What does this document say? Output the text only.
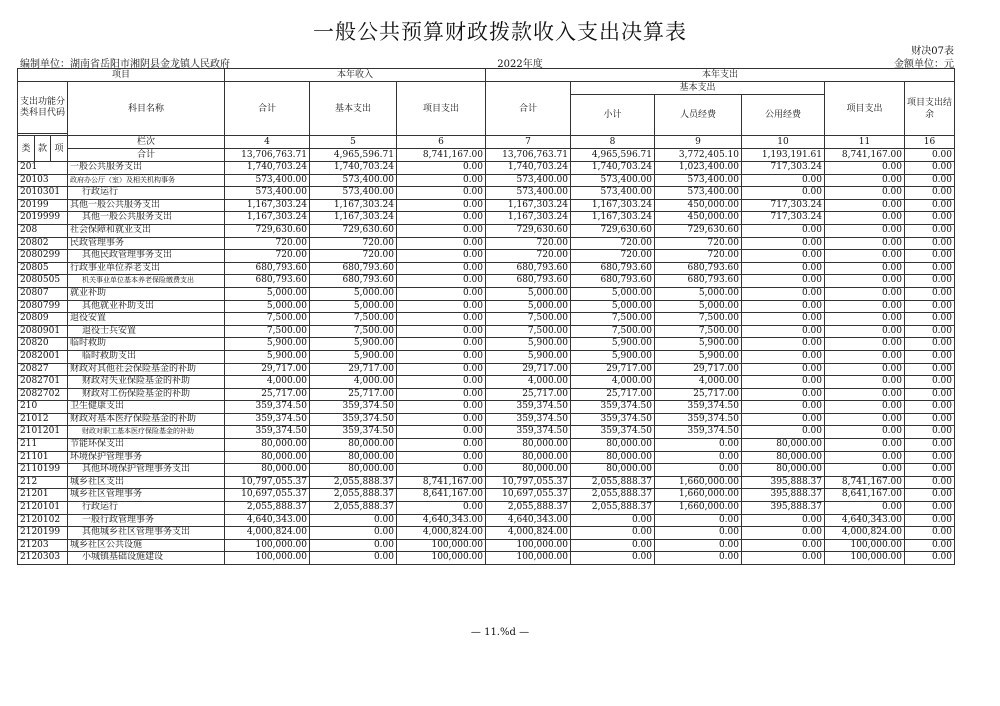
一般公共预算财政拨款收入支出决算表
财决07表
编制单位：湖南省岳阳市湘阴县金龙镇人民政府	2022年度	金额单位：元
项目				本年收入			本年支出					
支出功能分类科目代码			科目名称	合计	基本支出	项目支出	合计	基本支出			项目支出	项目支出结余
								小计	人员经费	公用经费		

类	款	项	栏次	4	5	6	7	8	9	10	11	16
			合计	13,706,763.71	4,965,596.71	8,741,167.00	13,706,763.71	4,965,596.71	3,772,405.10	1,193,191.61	8,741,167.00	0.00
201			一般公共服务支出	1,740,703.24	1,740,703.24	0.00	1,740,703.24	1,740,703.24	1,023,400.00	717,303.24	0.00	0.00
20103			政府办公厅（室）及相关机构事务	573,400.00	573,400.00	0.00	573,400.00	573,400.00	573,400.00	0.00	0.00	0.00
2010301			行政运行	573,400.00	573,400.00	0.00	573,400.00	573,400.00	573,400.00	0.00	0.00	0.00
20199			其他一般公共服务支出	1,167,303.24	1,167,303.24	0.00	1,167,303.24	1,167,303.24	450,000.00	717,303.24	0.00	0.00
2019999			其他一般公共服务支出	1,167,303.24	1,167,303.24	0.00	1,167,303.24	1,167,303.24	450,000.00	717,303.24	0.00	0.00
208			社会保障和就业支出	729,630.60	729,630.60	0.00	729,630.60	729,630.60	729,630.60	0.00	0.00	0.00
20802			民政管理事务	720.00	720.00	0.00	720.00	720.00	720.00	0.00	0.00	0.00
2080299			其他民政管理事务支出	720.00	720.00	0.00	720.00	720.00	720.00	0.00	0.00	0.00
20805			行政事业单位养老支出	680,793.60	680,793.60	0.00	680,793.60	680,793.60	680,793.60	0.00	0.00	0.00
2080505			机关事业单位基本养老保险缴费支出	680,793.60	680,793.60	0.00	680,793.60	680,793.60	680,793.60	0.00	0.00	0.00
20807			就业补助	5,000.00	5,000.00	0.00	5,000.00	5,000.00	5,000.00	0.00	0.00	0.00
2080799			其他就业补助支出	5,000.00	5,000.00	0.00	5,000.00	5,000.00	5,000.00	0.00	0.00	0.00
20809			退役安置	7,500.00	7,500.00	0.00	7,500.00	7,500.00	7,500.00	0.00	0.00	0.00
2080901			退役士兵安置	7,500.00	7,500.00	0.00	7,500.00	7,500.00	7,500.00	0.00	0.00	0.00
20820			临时救助	5,900.00	5,900.00	0.00	5,900.00	5,900.00	5,900.00	0.00	0.00	0.00
2082001			临时救助支出	5,900.00	5,900.00	0.00	5,900.00	5,900.00	5,900.00	0.00	0.00	0.00
20827			财政对其他社会保险基金的补助	29,717.00	29,717.00	0.00	29,717.00	29,717.00	29,717.00	0.00	0.00	0.00
2082701			财政对失业保险基金的补助	4,000.00	4,000.00	0.00	4,000.00	4,000.00	4,000.00	0.00	0.00	0.00
2082702			财政对工伤保险基金的补助	25,717.00	25,717.00	0.00	25,717.00	25,717.00	25,717.00	0.00	0.00	0.00
210			卫生健康支出	359,374.50	359,374.50	0.00	359,374.50	359,374.50	359,374.50	0.00	0.00	0.00
21012			财政对基本医疗保险基金的补助	359,374.50	359,374.50	0.00	359,374.50	359,374.50	359,374.50	0.00	0.00	0.00
2101201			财政对职工基本医疗保险基金的补助	359,374.50	359,374.50	0.00	359,374.50	359,374.50	359,374.50	0.00	0.00	0.00
211			节能环保支出	80,000.00	80,000.00	0.00	80,000.00	80,000.00	0.00	80,000.00	0.00	0.00
21101			环境保护管理事务	80,000.00	80,000.00	0.00	80,000.00	80,000.00	0.00	80,000.00	0.00	0.00
2110199			其他环境保护管理事务支出	80,000.00	80,000.00	0.00	80,000.00	80,000.00	0.00	80,000.00	0.00	0.00
212			城乡社区支出	10,797,055.37	2,055,888.37	8,741,167.00	10,797,055.37	2,055,888.37	1,660,000.00	395,888.37	8,741,167.00	0.00
21201			城乡社区管理事务	10,697,055.37	2,055,888.37	8,641,167.00	10,697,055.37	2,055,888.37	1,660,000.00	395,888.37	8,641,167.00	0.00
2120101			行政运行	2,055,888.37	2,055,888.37	0.00	2,055,888.37	2,055,888.37	1,660,000.00	395,888.37	0.00	0.00
2120102			一般行政管理事务	4,640,343.00	0.00	4,640,343.00	4,640,343.00	0.00	0.00	0.00	4,640,343.00	0.00
2120199			其他城乡社区管理事务支出	4,000,824.00	0.00	4,000,824.00	4,000,824.00	0.00	0.00	0.00	4,000,824.00	0.00
21203			城乡社区公共设施	100,000.00	0.00	100,000.00	100,000.00	0.00	0.00	0.00	100,000.00	0.00
2120303			小城镇基础设施建设	100,000.00	0.00	100,000.00	100,000.00	0.00	0.00	0.00	100,000.00	0.00
— 11.%d —
